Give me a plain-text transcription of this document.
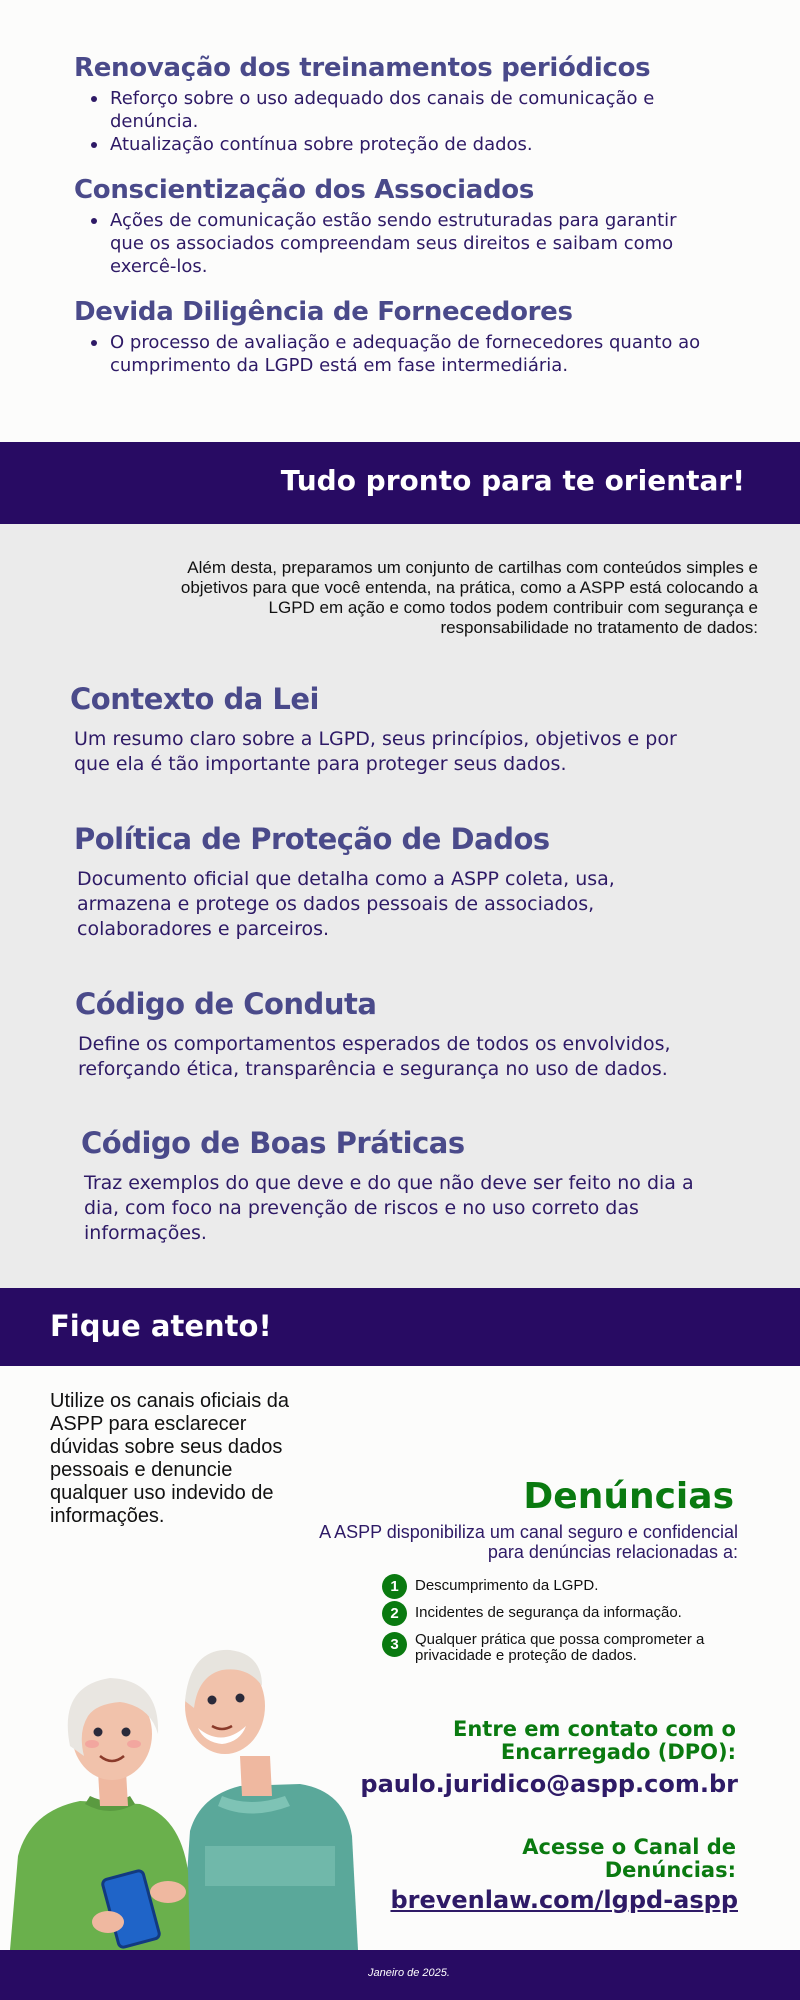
Renovação dos treinamentos periódicos
Reforço sobre o uso adequado dos canais de comunicação e denúncia.
Atualização contínua sobre proteção de dados.
Conscientização dos Associados
Ações de comunicação estão sendo estruturadas para garantir que os associados compreendam seus direitos e saibam como exercê-los.
Devida Diligência de Fornecedores
O processo de avaliação e adequação de fornecedores quanto ao cumprimento da LGPD está em fase intermediária.
Tudo pronto para te orientar!

Além desta, preparamos um conjunto de cartilhas com conteúdos simples e objetivos para que você entenda, na prática, como a ASPP está colocando a LGPD em ação e como todos podem contribuir com segurança e responsabilidade no tratamento de dados:

Contexto da Lei

Um resumo claro sobre a LGPD, seus princípios, objetivos e por que ela é tão importante para proteger seus dados.

Política de Proteção de Dados

Documento oficial que detalha como a ASPP coleta, usa, armazena e protege os dados pessoais de associados, colaboradores e parceiros.

Código de Conduta

Define os comportamentos esperados de todos os envolvidos, reforçando ética, transparência e segurança no uso de dados.

Código de Boas Práticas

Traz exemplos do que deve e do que não deve ser feito no dia a dia, com foco na prevenção de riscos e no uso correto das informações.

Fique atento!

Utilize os canais oficiais da ASPP para esclarecer dúvidas sobre seus dados pessoais e denuncie qualquer uso indevido de informações.	Denúncias

A ASPP disponibiliza um canal seguro e confidencial para denúncias relacionadas a:

1	Descumprimento da LGPD.
2	Incidentes de segurança da informação.
3	Qualquer prática que possa comprometer a privacidade e proteção de dados.

Entre em contato com o Encarregado (DPO):

paulo.juridico@aspp.com.br

Acesse o Canal de Denúncias:

brevenlaw.com/lgpd-aspp

Janeiro de 2025.
